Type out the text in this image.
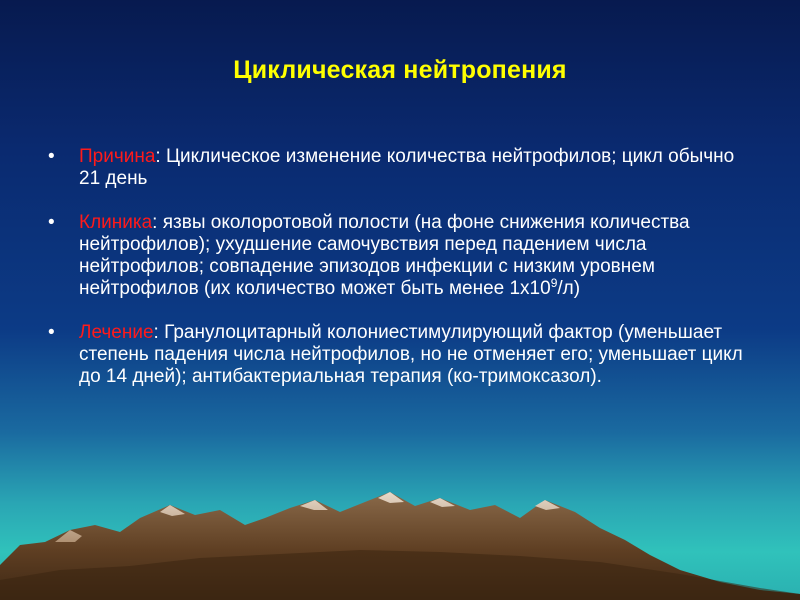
Циклическая нейтропения
• Причина: Циклическое изменение количества нейтрофилов; цикл обычно 21 день
• Клиника: язвы околоротовой полости (на фоне снижения количества нейтрофилов); ухудшение самочувствия перед падением числа нейтрофилов; совпадение эпизодов инфекции с низким уровнем нейтрофилов (их количество может быть менее $1х10^9/л$)
• Лечение: Гранулоцитарный колониестимулирующий фактор (уменьшает степень падения числа нейтрофилов, но не отменяет его; уменьшает цикл до 14 дней); антибактериальная терапия (ко-тримоксазол).
